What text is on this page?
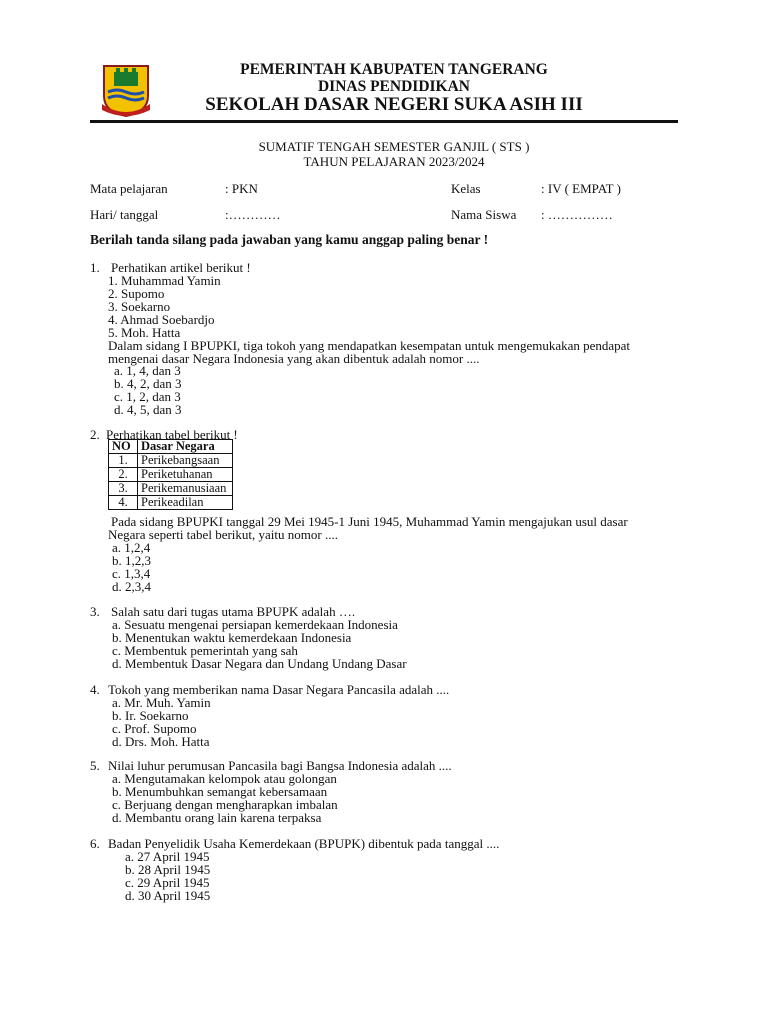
PEMERINTAH KABUPATEN TANGERANG
DINAS PENDIDIKAN
SEKOLAH DASAR NEGERI SUKA ASIH III
SUMATIF TENGAH SEMESTER GANJIL ( STS )
TAHUN PELAJARAN 2023/2024
Mata pelajaran	: PKN	Kelas	: IV ( EMPAT )
Hari/ tanggal	:…………	Nama Siswa : ……………
Berilah tanda silang pada jawaban yang kamu anggap paling benar !
1. Perhatikan artikel berikut !
1. Muhammad Yamin
2. Supomo
3. Soekarno
4. Ahmad Soebardjo
5. Moh. Hatta
Dalam sidang I BPUPKI, tiga tokoh yang mendapatkan kesempatan untuk mengemukakan pendapat
mengenai dasar Negara Indonesia yang akan dibentuk adalah nomor ....
a. 1, 4, dan 3
b. 4, 2, dan 3
c. 1, 2, dan 3
d. 4, 5, dan 3
2. Perhatikan tabel berikut !
NO	Dasar Negara
1.	Perikebangsaan
2.	Periketuhanan
3.	Perikemanusiaan
4.	Perikeadilan
Pada sidang BPUPKI tanggal 29 Mei 1945-1 Juni 1945, Muhammad Yamin mengajukan usul dasar
Negara seperti tabel berikut, yaitu nomor ....
a. 1,2,4
b. 1,2,3
c. 1,3,4
d. 2,3,4
3. Salah satu dari tugas utama BPUPK adalah ….
a. Sesuatu mengenai persiapan kemerdekaan Indonesia
b. Menentukan waktu kemerdekaan Indonesia
c. Membentuk pemerintah yang sah
d. Membentuk Dasar Negara dan Undang Undang Dasar
4. Tokoh yang memberikan nama Dasar Negara Pancasila adalah ....
a. Mr. Muh. Yamin
b. Ir. Soekarno
c. Prof. Supomo
d. Drs. Moh. Hatta
5. Nilai luhur perumusan Pancasila bagi Bangsa Indonesia adalah ....
a. Mengutamakan kelompok atau golongan
b. Menumbuhkan semangat kebersamaan
c. Berjuang dengan mengharapkan imbalan
d. Membantu orang lain karena terpaksa
6. Badan Penyelidik Usaha Kemerdekaan (BPUPK) dibentuk pada tanggal ....
a. 27 April 1945
b. 28 April 1945
c. 29 April 1945
d. 30 April 1945
